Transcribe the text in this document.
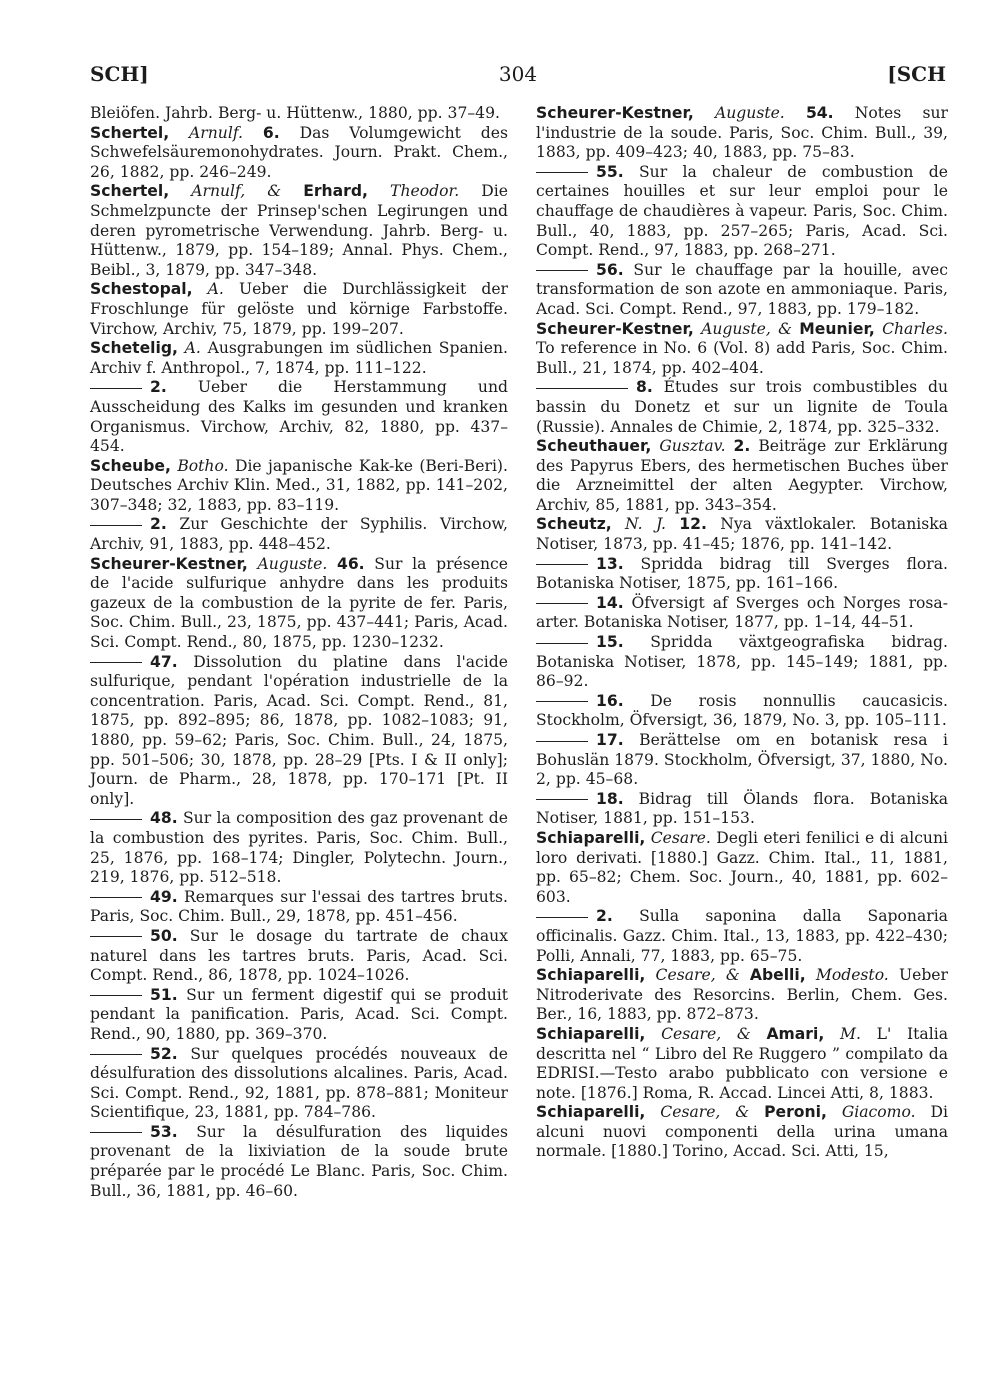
SCH]	304	[SCH

Bleiöfen. Jahrb. Berg- u. Hüttenw., 1880, pp. 37–49.

Schertel, Arnulf. 6. Das Volumgewicht des Schwefelsäuremonohydrates. Journ. Prakt. Chem., 26, 1882, pp. 246–249.

Schertel, Arnulf, & Erhard, Theodor. Die Schmelzpuncte der Prinsep'schen Legirungen und deren pyrometrische Verwendung. Jahrb. Berg- u. Hüttenw., 1879, pp. 154–189; Annal. Phys. Chem., Beibl., 3, 1879, pp. 347–348.

Schestopal, A. Ueber die Durchlässigkeit der Froschlunge für gelöste und körnige Farbstoffe. Virchow, Archiv, 75, 1879, pp. 199–207.

Schetelig, A. Ausgrabungen im südlichen Spanien. Archiv f. Anthropol., 7, 1874, pp. 111–122.

2. Ueber die Herstammung und Ausscheidung des Kalks im gesunden und kranken Organismus. Virchow, Archiv, 82, 1880, pp. 437–454.

Scheube, Botho. Die japanische Kak-ke (Beri-Beri). Deutsches Archiv Klin. Med., 31, 1882, pp. 141–202, 307–348; 32, 1883, pp. 83–119.

2. Zur Geschichte der Syphilis. Virchow, Archiv, 91, 1883, pp. 448–452.

Scheurer-Kestner, Auguste. 46. Sur la présence de l'acide sulfurique anhydre dans les produits gazeux de la combustion de la pyrite de fer. Paris, Soc. Chim. Bull., 23, 1875, pp. 437–441; Paris, Acad. Sci. Compt. Rend., 80, 1875, pp. 1230–1232.

47. Dissolution du platine dans l'acide sulfurique, pendant l'opération industrielle de la concentration. Paris, Acad. Sci. Compt. Rend., 81, 1875, pp. 892–895; 86, 1878, pp. 1082–1083; 91, 1880, pp. 59–62; Paris, Soc. Chim. Bull., 24, 1875, pp. 501–506; 30, 1878, pp. 28–29 [Pts. I & II only]; Journ. de Pharm., 28, 1878, pp. 170–171 [Pt. II only].

48. Sur la composition des gaz provenant de la combustion des pyrites. Paris, Soc. Chim. Bull., 25, 1876, pp. 168–174; Dingler, Polytechn. Journ., 219, 1876, pp. 512–518.

49. Remarques sur l'essai des tartres bruts. Paris, Soc. Chim. Bull., 29, 1878, pp. 451–456.

50. Sur le dosage du tartrate de chaux naturel dans les tartres bruts. Paris, Acad. Sci. Compt. Rend., 86, 1878, pp. 1024–1026.

51. Sur un ferment digestif qui se produit pendant la panification. Paris, Acad. Sci. Compt. Rend., 90, 1880, pp. 369–370.

52. Sur quelques procédés nouveaux de désulfuration des dissolutions alcalines. Paris, Acad. Sci. Compt. Rend., 92, 1881, pp. 878–881; Moniteur Scientifique, 23, 1881, pp. 784–786.

53. Sur la désulfuration des liquides provenant de la lixiviation de la soude brute préparée par le procédé Le Blanc. Paris, Soc. Chim. Bull., 36, 1881, pp. 46–60.

Scheurer-Kestner, Auguste. 54. Notes sur l'industrie de la soude. Paris, Soc. Chim. Bull., 39, 1883, pp. 409–423; 40, 1883, pp. 75–83.

55. Sur la chaleur de combustion de certaines houilles et sur leur emploi pour le chauffage de chaudières à vapeur. Paris, Soc. Chim. Bull., 40, 1883, pp. 257–265; Paris, Acad. Sci. Compt. Rend., 97, 1883, pp. 268–271.

56. Sur le chauffage par la houille, avec transformation de son azote en ammoniaque. Paris, Acad. Sci. Compt. Rend., 97, 1883, pp. 179–182.

Scheurer-Kestner, Auguste, & Meunier, Charles. To reference in No. 6 (Vol. 8) add Paris, Soc. Chim. Bull., 21, 1874, pp. 402–404.

8. Études sur trois combustibles du bassin du Donetz et sur un lignite de Toula (Russie). Annales de Chimie, 2, 1874, pp. 325–332.

Scheuthauer, Gusztav. 2. Beiträge zur Erklärung des Papyrus Ebers, des hermetischen Buches über die Arzneimittel der alten Aegypter. Virchow, Archiv, 85, 1881, pp. 343–354.

Scheutz, N. J. 12. Nya växtlokaler. Botaniska Notiser, 1873, pp. 41–45; 1876, pp. 141–142.

13. Spridda bidrag till Sverges flora. Botaniska Notiser, 1875, pp. 161–166.

14. Öfversigt af Sverges och Norges rosa-arter. Botaniska Notiser, 1877, pp. 1–14, 44–51.

15. Spridda växtgeografiska bidrag. Botaniska Notiser, 1878, pp. 145–149; 1881, pp. 86–92.

16. De rosis nonnullis caucasicis. Stockholm, Öfversigt, 36, 1879, No. 3, pp. 105–111.

17. Berättelse om en botanisk resa i Bohuslän 1879. Stockholm, Öfversigt, 37, 1880, No. 2, pp. 45–68.

18. Bidrag till Ölands flora. Botaniska Notiser, 1881, pp. 151–153.

Schiaparelli, Cesare. Degli eteri fenilici e di alcuni loro derivati. [1880.] Gazz. Chim. Ital., 11, 1881, pp. 65–82; Chem. Soc. Journ., 40, 1881, pp. 602–603.

2. Sulla saponina dalla Saponaria officinalis. Gazz. Chim. Ital., 13, 1883, pp. 422–430; Polli, Annali, 77, 1883, pp. 65–75.

Schiaparelli, Cesare, & Abelli, Modesto. Ueber Nitroderivate des Resorcins. Berlin, Chem. Ges. Ber., 16, 1883, pp. 872–873.

Schiaparelli, Cesare, & Amari, M. L' Italia descritta nel “ Libro del Re Ruggero ” compilato da EDRISI.—Testo arabo pubblicato con versione e note. [1876.] Roma, R. Accad. Lincei Atti, 8, 1883.

Schiaparelli, Cesare, & Peroni, Giacomo. Di alcuni nuovi componenti della urina umana normale. [1880.] Torino, Accad. Sci. Atti, 15,
